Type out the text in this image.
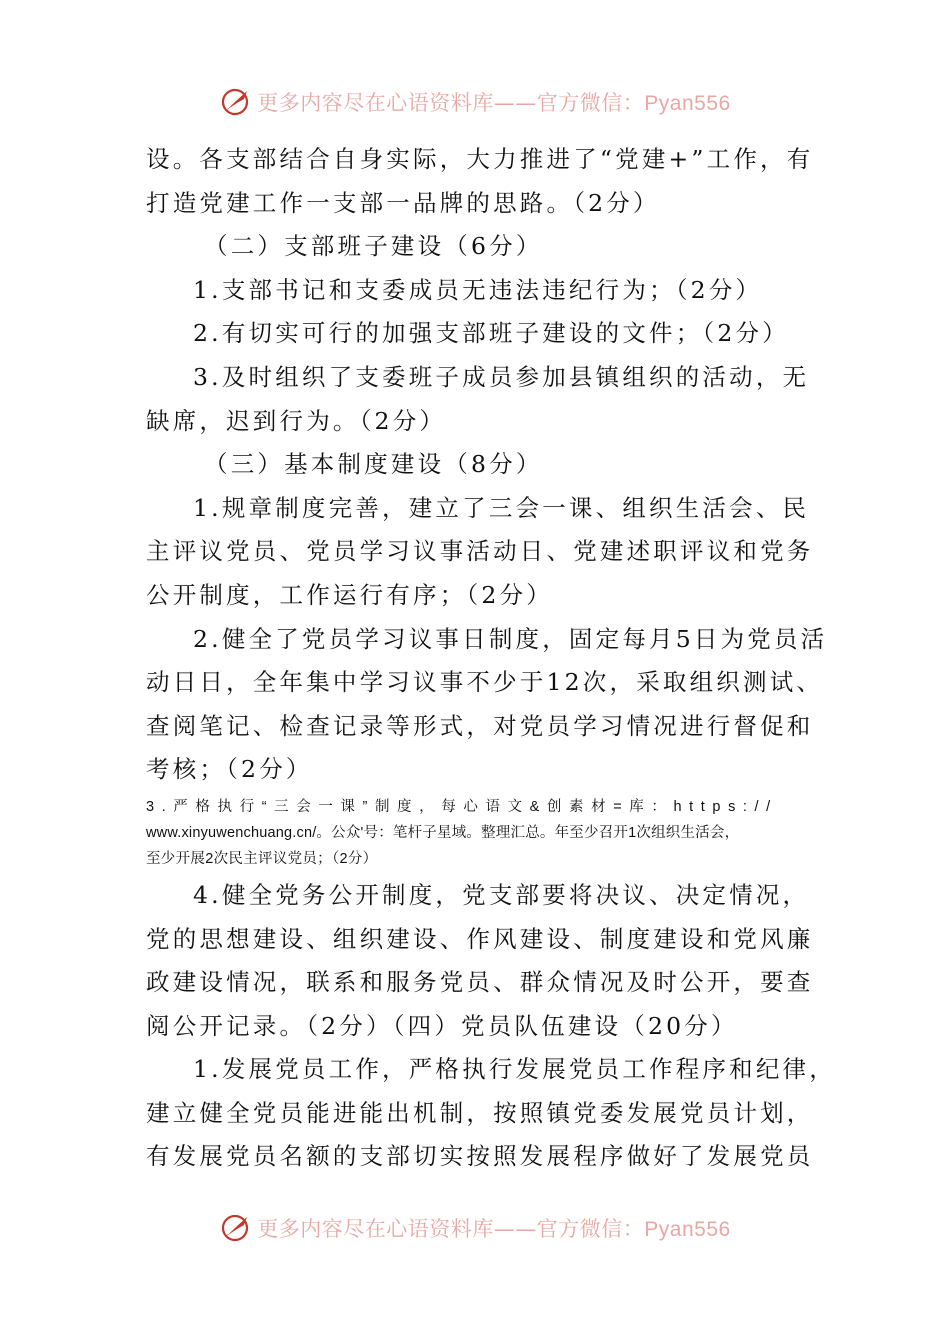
更多内容尽在心语资料库——官方微信：Pyan556
设。各支部结合自身实际，大力推进了“党建+”工作，有
打造党建工作一支部一品牌的思路。（2分）
（二）支部班子建设（6分）
1.支部书记和支委成员无违法违纪行为；（2分）
2.有切实可行的加强支部班子建设的文件；（2分）
3.及时组织了支委班子成员参加县镇组织的活动，无
缺席，迟到行为。（2分）
（三）基本制度建设（8分）
1.规章制度完善，建立了三会一课、组织生活会、民
主评议党员、党员学习议事活动日、党建述职评议和党务
公开制度，工作运行有序；（2分）
2.健全了党员学习议事日制度，固定每月5日为党员活
动日日，全年集中学习议事不少于12次，采取组织测试、
查阅笔记、检查记录等形式，对党员学习情况进行督促和
考核；（2分）
3.严格执行“三会一课”制度，每心语文&创素材=库：https://
www.xinyuwenchuang.cn/。公众'号：笔杆子星域。整理汇总。年至少召开1次组织生活会，
至少开展2次民主评议党员；（2分）
4.健全党务公开制度，党支部要将决议、决定情况，
党的思想建设、组织建设、作风建设、制度建设和党风廉
政建设情况，联系和服务党员、群众情况及时公开，要查
阅公开记录。（2分）（四）党员队伍建设（20分）
1.发展党员工作，严格执行发展党员工作程序和纪律，
建立健全党员能进能出机制，按照镇党委发展党员计划，
有发展党员名额的支部切实按照发展程序做好了发展党员
更多内容尽在心语资料库——官方微信：Pyan556
